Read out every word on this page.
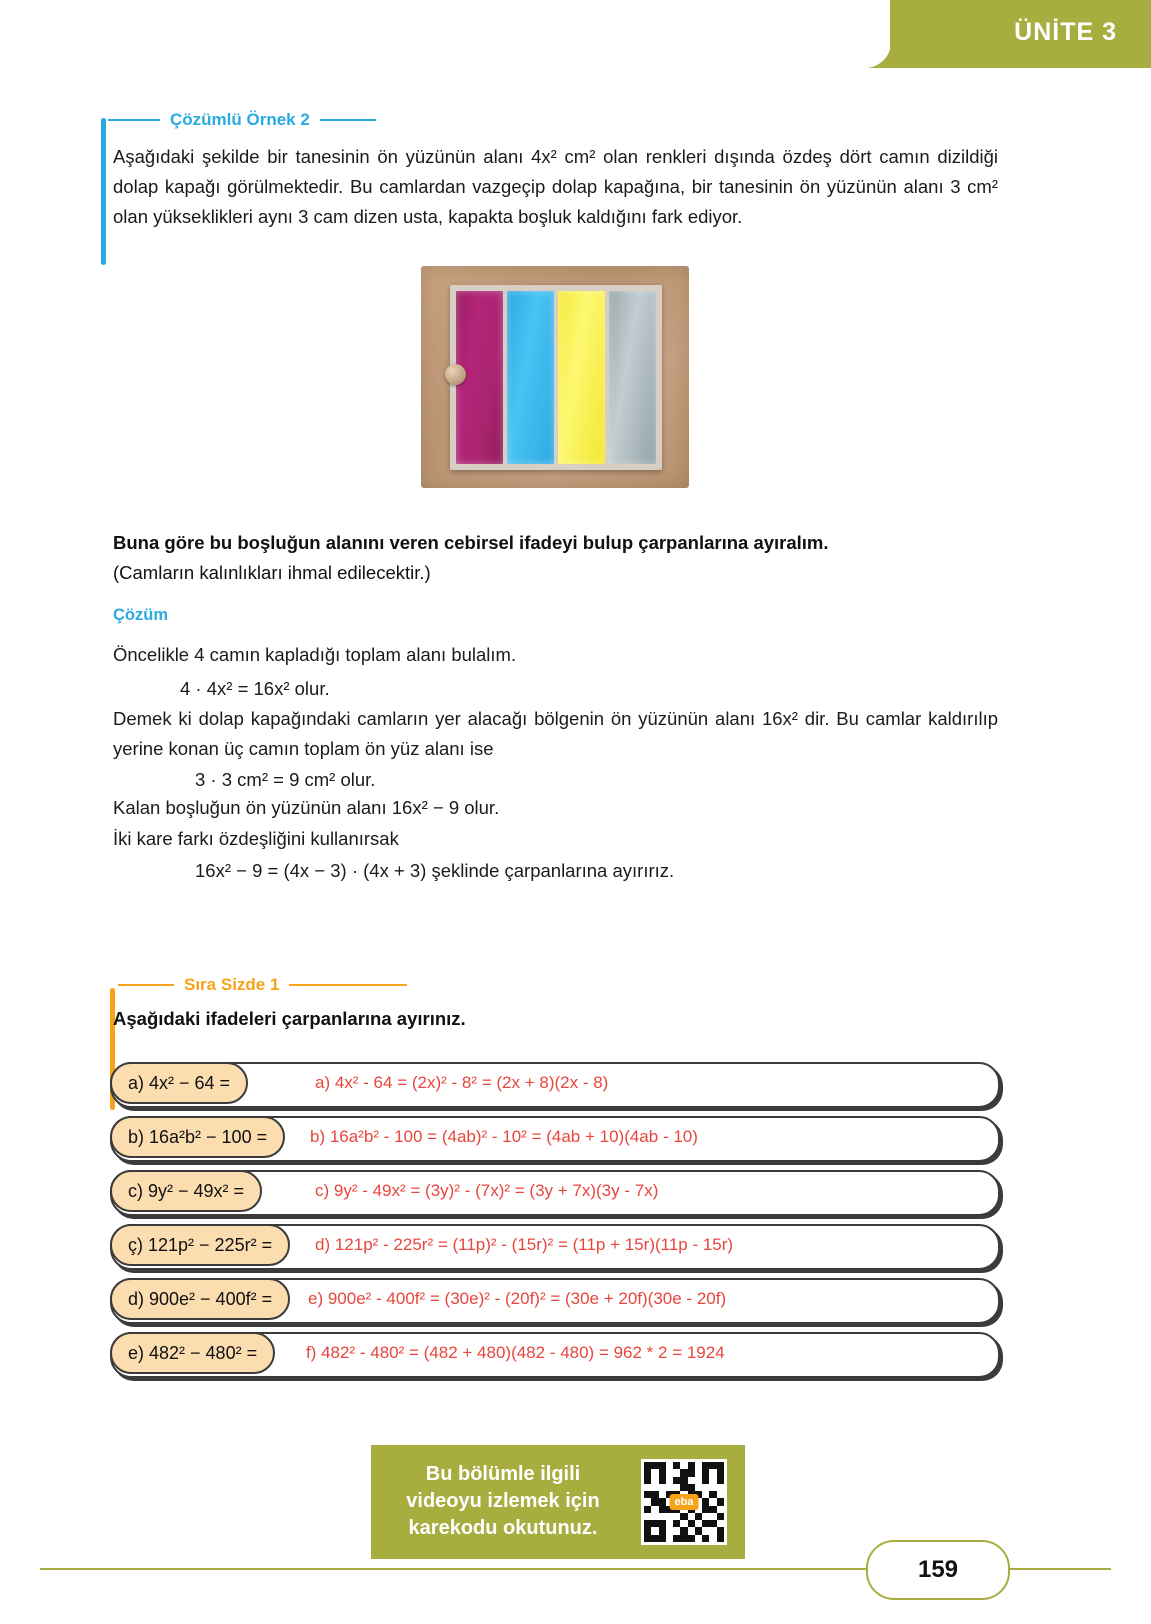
ÜNİTE 3
Çözümlü Örnek 2
Aşağıdaki şekilde bir tanesinin ön yüzünün alanı 4x² cm² olan renkleri dışında özdeş dört camın dizildiği dolap kapağı görülmektedir. Bu camlardan vazgeçip dolap kapağına, bir tanesinin ön yüzünün alanı 3 cm² olan yükseklikleri aynı 3 cam dizen usta, kapakta boşluk kaldığını fark ediyor.
Buna göre bu boşluğun alanını veren cebirsel ifadeyi bulup çarpanlarına ayıralım.
(Camların kalınlıkları ihmal edilecektir.)
Çözüm
Öncelikle 4 camın kapladığı toplam alanı bulalım.
4 · 4x² = 16x² olur.
Demek ki dolap kapağındaki camların yer alacağı bölgenin ön yüzünün alanı 16x² dir. Bu camlar kaldırılıp yerine konan üç camın toplam ön yüz alanı ise
3 · 3 cm² = 9 cm² olur.
Kalan boşluğun ön yüzünün alanı 16x² − 9 olur.
İki kare farkı özdeşliğini kullanırsak
16x² − 9 = (4x − 3) · (4x + 3) şeklinde çarpanlarına ayırırız.
Sıra Sizde 1
Aşağıdaki ifadeleri çarpanlarına ayırınız.
a) 4x² − 64 =	a) 4x² - 64 = (2x)² - 8² = (2x + 8)(2x - 8)
b) 16a²b² − 100 =	b) 16a²b² - 100 = (4ab)² - 10² = (4ab + 10)(4ab - 10)
c) 9y² − 49x² =	c) 9y² - 49x² = (3y)² - (7x)² = (3y + 7x)(3y - 7x)
ç) 121p² − 225r² =	d) 121p² - 225r² = (11p)² - (15r)² = (11p + 15r)(11p - 15r)
d) 900e² − 400f² =	e) 900e² - 400f² = (30e)² - (20f)² = (30e + 20f)(30e - 20f)
e) 482² − 480² =	f) 482² - 480² = (482 + 480)(482 - 480) = 962 * 2 = 1924
Bu bölümle ilgili videoyu izlemek için karekodu okutunuz.
eba
159
